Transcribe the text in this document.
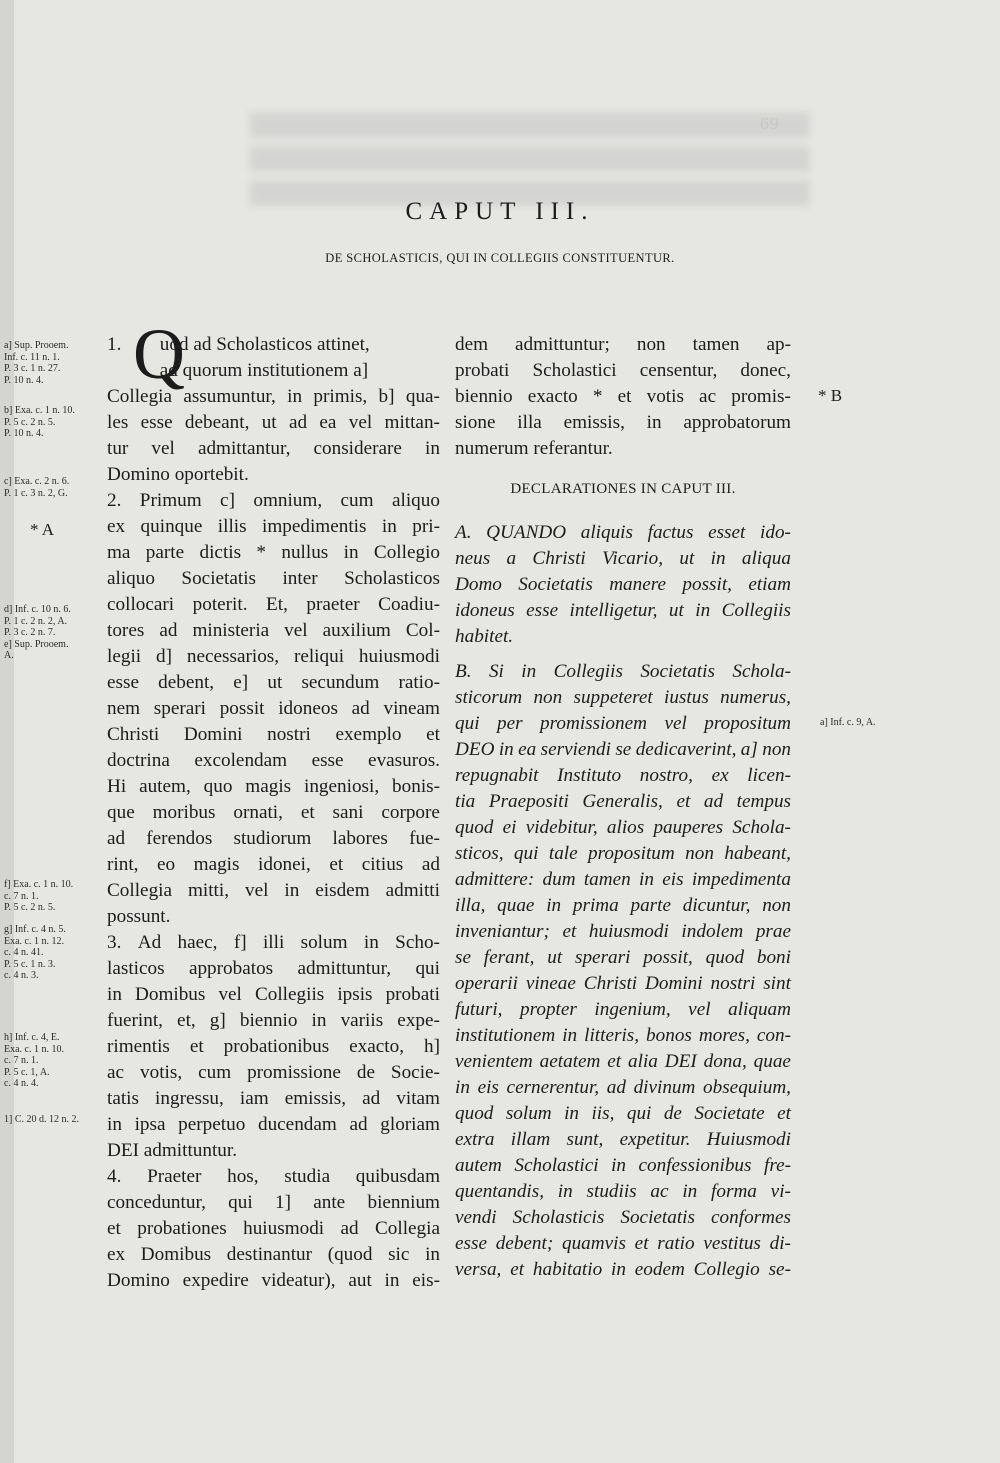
69
CAPUT III.
DE SCHOLASTICIS, QUI IN COLLEGIIS CONSTITUENTUR.
Q
1.        uod ad Scholasticos attinet,
ad quorum institutionem a]
Collegia assumuntur, in primis, b] qua-
les esse debeant, ut ad ea vel mittan-
tur vel admittantur, considerare in
Domino oportebit.
2. Primum c] omnium, cum aliquo
ex quinque illis impedimentis in pri-
ma parte dictis * nullus in Collegio
aliquo Societatis inter Scholasticos
collocari poterit. Et, praeter Coadiu-
tores ad ministeria vel auxilium Col-
legii d] necessarios, reliqui huiusmodi
esse debent, e] ut secundum ratio-
nem sperari possit idoneos ad vineam
Christi Domini nostri exemplo et
doctrina excolendam esse evasuros.
Hi autem, quo magis ingeniosi, bonis-
que moribus ornati, et sani corpore
ad ferendos studiorum labores fue-
rint, eo magis idonei, et citius ad
Collegia mitti, vel in eisdem admitti
possunt.
3. Ad haec, f] illi solum in Scho-
lasticos approbatos admittuntur, qui
in Domibus vel Collegiis ipsis probati
fuerint, et, g] biennio in variis expe-
rimentis et probationibus exacto, h]
ac votis, cum promissione de Socie-
tatis ingressu, iam emissis, ad vitam
in ipsa perpetuo ducendam ad gloriam
DEI admittuntur.
4. Praeter hos, studia quibusdam
conceduntur, qui 1] ante biennium
et probationes huiusmodi ad Collegia
ex Domibus destinantur (quod sic in
Domino expedire videatur), aut in eis-
dem admittuntur; non tamen ap-
probati Scholastici censentur, donec,
biennio exacto * et votis ac promis-
sione illa emissis, in approbatorum
numerum referantur.
DECLARATIONES IN CAPUT III.
A. QUANDO aliquis factus esset ido-
neus a Christi Vicario, ut in aliqua
Domo Societatis manere possit, etiam
idoneus esse intelligetur, ut in Collegiis
habitet.
B. Si in Collegiis Societatis Schola-
sticorum non suppeteret iustus numerus,
qui per promissionem vel propositum
DEO in ea serviendi se dedicaverint, a] non
repugnabit Instituto nostro, ex licen-
tia Praepositi Generalis, et ad tempus
quod ei videbitur, alios pauperes Schola-
sticos, qui tale propositum non habeant,
admittere: dum tamen in eis impedimenta
illa, quae in prima parte dicuntur, non
inveniantur; et huiusmodi indolem prae
se ferant, ut sperari possit, quod boni
operarii vineae Christi Domini nostri sint
futuri, propter ingenium, vel aliquam
institutionem in litteris, bonos mores, con-
venientem aetatem et alia DEI dona, quae
in eis cernerentur, ad divinum obsequium,
quod solum in iis, qui de Societate et
extra illam sunt, expetitur. Huiusmodi
autem Scholastici in confessionibus fre-
quentandis, in studiis ac in forma vi-
vendi Scholasticis Societatis conformes
esse debent; quamvis et ratio vestitus di-
versa, et habitatio in eodem Collegio se-
a] Sup. Prooem.
Inf. c. 11 n. 1.
P. 3 c. 1 n. 27.
P. 10 n. 4.
b] Exa. c. 1 n. 10.
P. 5 c. 2 n. 5.
P. 10 n. 4.
c] Exa. c. 2 n. 6.
P. 1 c. 3 n. 2, G.
* A
d] Inf. c. 10 n. 6.
P. 1 c. 2 n. 2, A.
P. 3 c. 2 n. 7.
e] Sup. Prooem.
A.
f] Exa. c. 1 n. 10.
c. 7 n. 1.
P. 5 c. 2 n. 5.
g] Inf. c. 4 n. 5.
Exa. c. 1 n. 12.
c. 4 n. 41.
P. 5 c. 1 n. 3.
c. 4 n. 3.
h] Inf. c. 4, E.
Exa. c. 1 n. 10.
c. 7 n. 1.
P. 5 c. 1, A.
c. 4 n. 4.
1] C. 20 d. 12 n. 2.
* B
a] Inf. c. 9, A.
